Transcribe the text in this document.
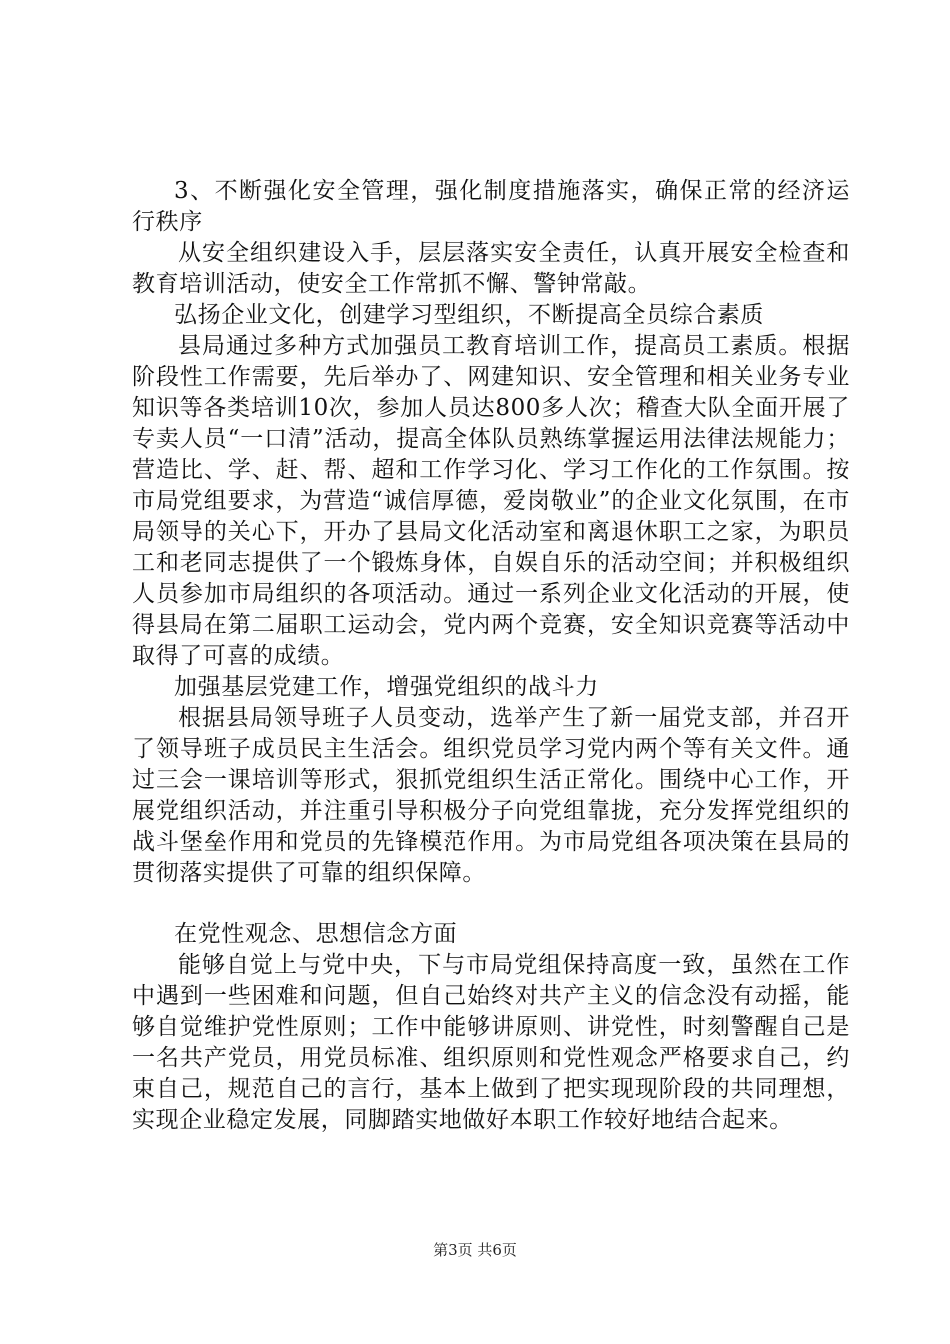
3、不断强化安全管理，强化制度措施落实，确保正常的经济运行秩序

从安全组织建设入手，层层落实安全责任，认真开展安全检查和教育培训活动，使安全工作常抓不懈、警钟常敲。

弘扬企业文化，创建学习型组织，不断提高全员综合素质

县局通过多种方式加强员工教育培训工作，提高员工素质。根据阶段性工作需要，先后举办了、网建知识、安全管理和相关业务专业知识等各类培训10次，参加人员达800多人次；稽查大队全面开展了专卖人员“一口清”活动，提高全体队员熟练掌握运用法律法规能力；营造比、学、赶、帮、超和工作学习化、学习工作化的工作氛围。按市局党组要求，为营造“诚信厚德，爱岗敬业”的企业文化氛围，在市局领导的关心下，开办了县局文化活动室和离退休职工之家，为职员工和老同志提供了一个锻炼身体，自娱自乐的活动空间；并积极组织人员参加市局组织的各项活动。通过一系列企业文化活动的开展，使得县局在第二届职工运动会，党内两个竞赛，安全知识竞赛等活动中取得了可喜的成绩。

加强基层党建工作，增强党组织的战斗力

根据县局领导班子人员变动，选举产生了新一届党支部，并召开了领导班子成员民主生活会。组织党员学习党内两个等有关文件。通过三会一课培训等形式，狠抓党组织生活正常化。围绕中心工作，开展党组织活动，并注重引导积极分子向党组靠拢，充分发挥党组织的战斗堡垒作用和党员的先锋模范作用。为市局党组各项决策在县局的贯彻落实提供了可靠的组织保障。

在党性观念、思想信念方面

能够自觉上与党中央，下与市局党组保持高度一致，虽然在工作中遇到一些困难和问题，但自己始终对共产主义的信念没有动摇，能够自觉维护党性原则；工作中能够讲原则、讲党性，时刻警醒自己是一名共产党员，用党员标准、组织原则和党性观念严格要求自己，约束自己，规范自己的言行，基本上做到了把实现现阶段的共同理想，实现企业稳定发展，同脚踏实地做好本职工作较好地结合起来。

第3页 共6页
